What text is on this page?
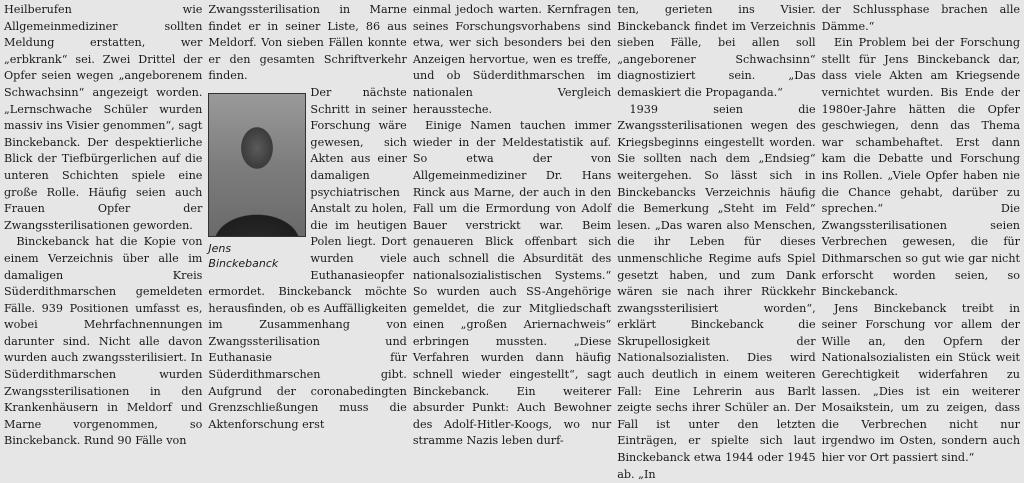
Heilberufen wie Allgemeinmediziner sollten Meldung erstatten, wer „erbkrank“ sei. Zwei Drittel der Opfer seien wegen „angeborenem Schwachsinn“ angezeigt worden. „Lernschwache Schüler wurden massiv ins Visier genommen“, sagt Binckebanck. Der despektierliche Blick der Tiefbürgerlichen auf die unteren Schichten spiele eine große Rolle. Häufig seien auch Frauen Opfer der Zwangssterilisationen geworden.

Binckebanck hat die Kopie von einem Verzeichnis über alle im damaligen Kreis Süderdithmarschen gemeldeten Fälle. 939 Positionen umfasst es, wobei Mehrfachnennungen darunter sind. Nicht alle davon wurden auch zwangssterilisiert. In Süderdithmarschen wurden Zwangssterilisationen in den Krankenhäusern in Meldorf und Marne vorgenommen, so Binckebanck. Rund 90 Fälle von

Zwangssterilisation in Marne findet er in seiner Liste, 86 aus Meldorf. Von sieben Fällen konnte er den gesamten Schriftverkehr finden.

Jens Binckebanck

Der nächste Schritt in seiner Forschung wäre gewesen, sich Akten aus einer damaligen psychiatrischen Anstalt zu holen, die im heutigen Polen liegt. Dort wurden viele Euthanasieopfer ermordet. Binckebanck möchte herausfinden, ob es Auffälligkeiten im Zusammenhang von Zwangssterilisation und Euthanasie für Süderdithmarschen gibt. Aufgrund der coronabedingten Grenzschließungen muss die Aktenforschung erst

einmal jedoch warten. Kernfragen seines Forschungsvorhabens sind etwa, wer sich besonders bei den Anzeigen hervortue, wen es treffe, und ob Süderdithmarschen im nationalen Vergleich heraussteche.

Einige Namen tauchen immer wieder in der Meldestatistik auf. So etwa der von Allgemeinmediziner Dr. Hans Rinck aus Marne, der auch in den Fall um die Ermordung von Adolf Bauer verstrickt war. Beim genaueren Blick offenbart sich auch schnell die Absurdität des nationalsozialistischen Systems.“ So wurden auch SS-Angehörige gemeldet, die zur Mitgliedschaft einen „großen Ariernachweis“ erbringen mussten. „Diese Verfahren wurden dann häufig schnell wieder eingestellt“, sagt Binckebanck. Ein weiterer absurder Punkt: Auch Bewohner des Adolf-Hitler-Koogs, wo nur stramme Nazis leben durf-

ten, gerieten ins Visier. Binckebanck findet im Verzeichnis sieben Fälle, bei allen soll „angeborener Schwachsinn“ diagnostiziert sein. „Das demaskiert die Propaganda.“

1939 seien die Zwangssterilisationen wegen des Kriegsbeginns eingestellt worden. Sie sollten nach dem „Endsieg“ weitergehen. So lässt sich in Binckebancks Verzeichnis häufig die Bemerkung „Steht im Feld“ lesen. „Das waren also Menschen, die ihr Leben für dieses unmenschliche Regime aufs Spiel gesetzt haben, und zum Dank wären sie nach ihrer Rückkehr zwangssterilisiert worden“, erklärt Binckebanck die Skrupellosigkeit der Nationalsozialisten. Dies wird auch deutlich in einem weiteren Fall: Eine Lehrerin aus Barlt zeigte sechs ihrer Schüler an. Der Fall ist unter den letzten Einträgen, er spielte sich laut Binckebanck etwa 1944 oder 1945 ab. „In

der Schlussphase brachen alle Dämme.“

Ein Problem bei der Forschung stellt für Jens Binckebanck dar, dass viele Akten am Kriegsende vernichtet wurden. Bis Ende der 1980er-Jahre hätten die Opfer geschwiegen, denn das Thema war schambehaftet. Erst dann kam die Debatte und Forschung ins Rollen. „Viele Opfer haben nie die Chance gehabt, darüber zu sprechen.“ Die Zwangssterilisationen seien Verbrechen gewesen, die für Dithmarschen so gut wie gar nicht erforscht worden seien, so Binckebanck.

Jens Binckebanck treibt in seiner Forschung vor allem der Wille an, den Opfern der Nationalsozialisten ein Stück weit Gerechtigkeit widerfahren zu lassen. „Dies ist ein weiterer Mosaikstein, um zu zeigen, dass die Verbrechen nicht nur irgendwo im Osten, sondern auch hier vor Ort passiert sind.“
